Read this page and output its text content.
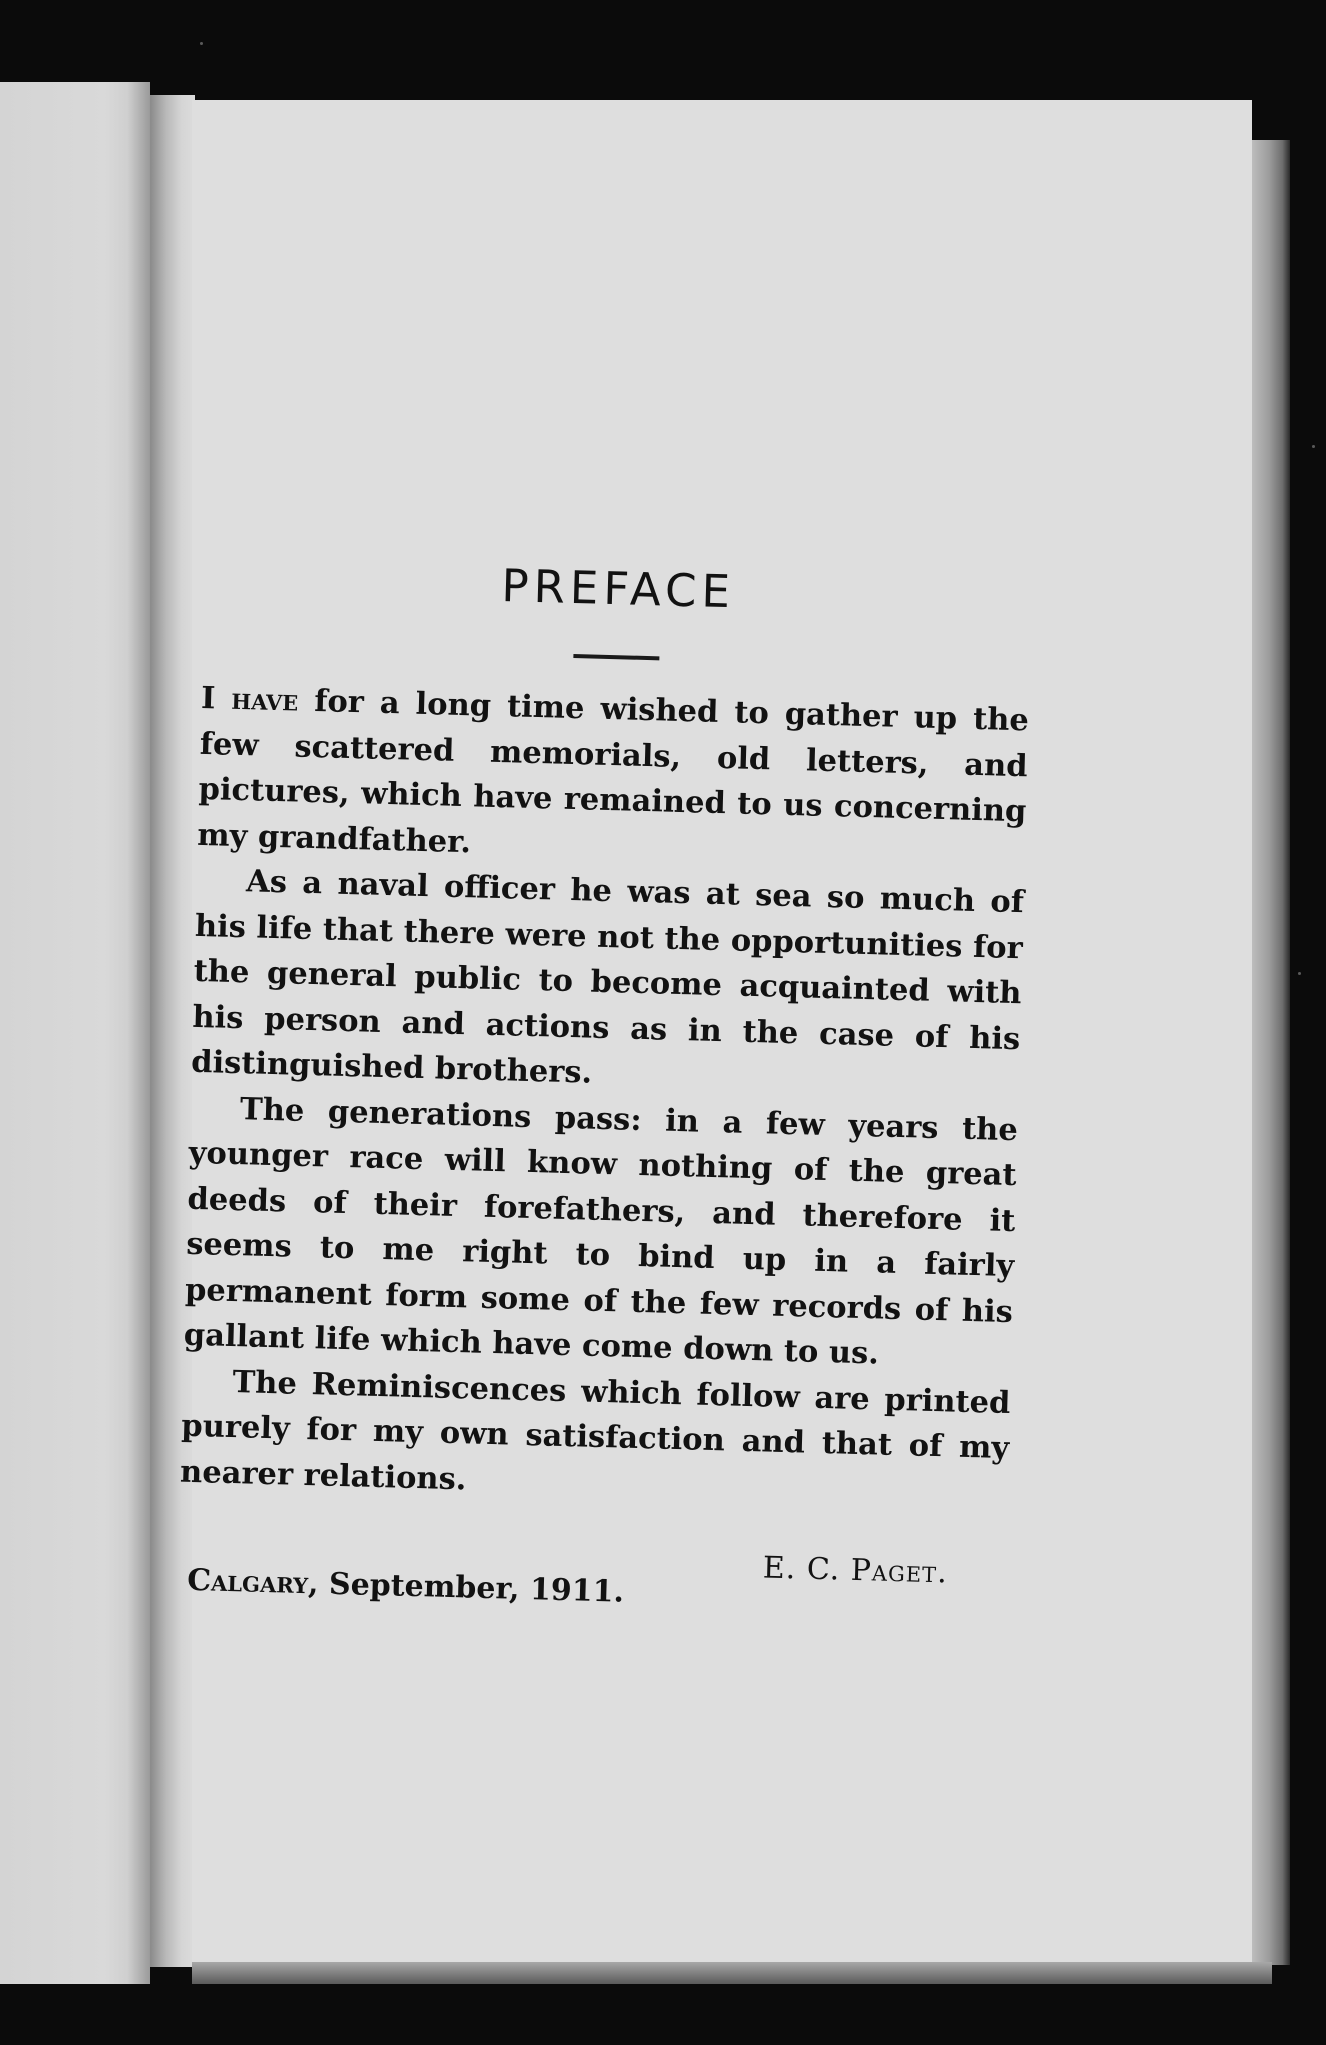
PREFACE

I have for a long time wished to gather up the few scattered memorials, old letters, and pictures, which have remained to us concerning my grandfather.

As a naval officer he was at sea so much of his life that there were not the opportunities for the general public to become acquainted with his person and actions as in the case of his distinguished brothers.

The generations pass: in a few years the younger race will know nothing of the great deeds of their forefathers, and therefore it seems to me right to bind up in a fairly permanent form some of the few records of his gallant life which have come down to us.

The Reminiscences which follow are printed purely for my own satisfaction and that of my nearer relations.

Calgary, September, 1911.	E. C. Paget.
